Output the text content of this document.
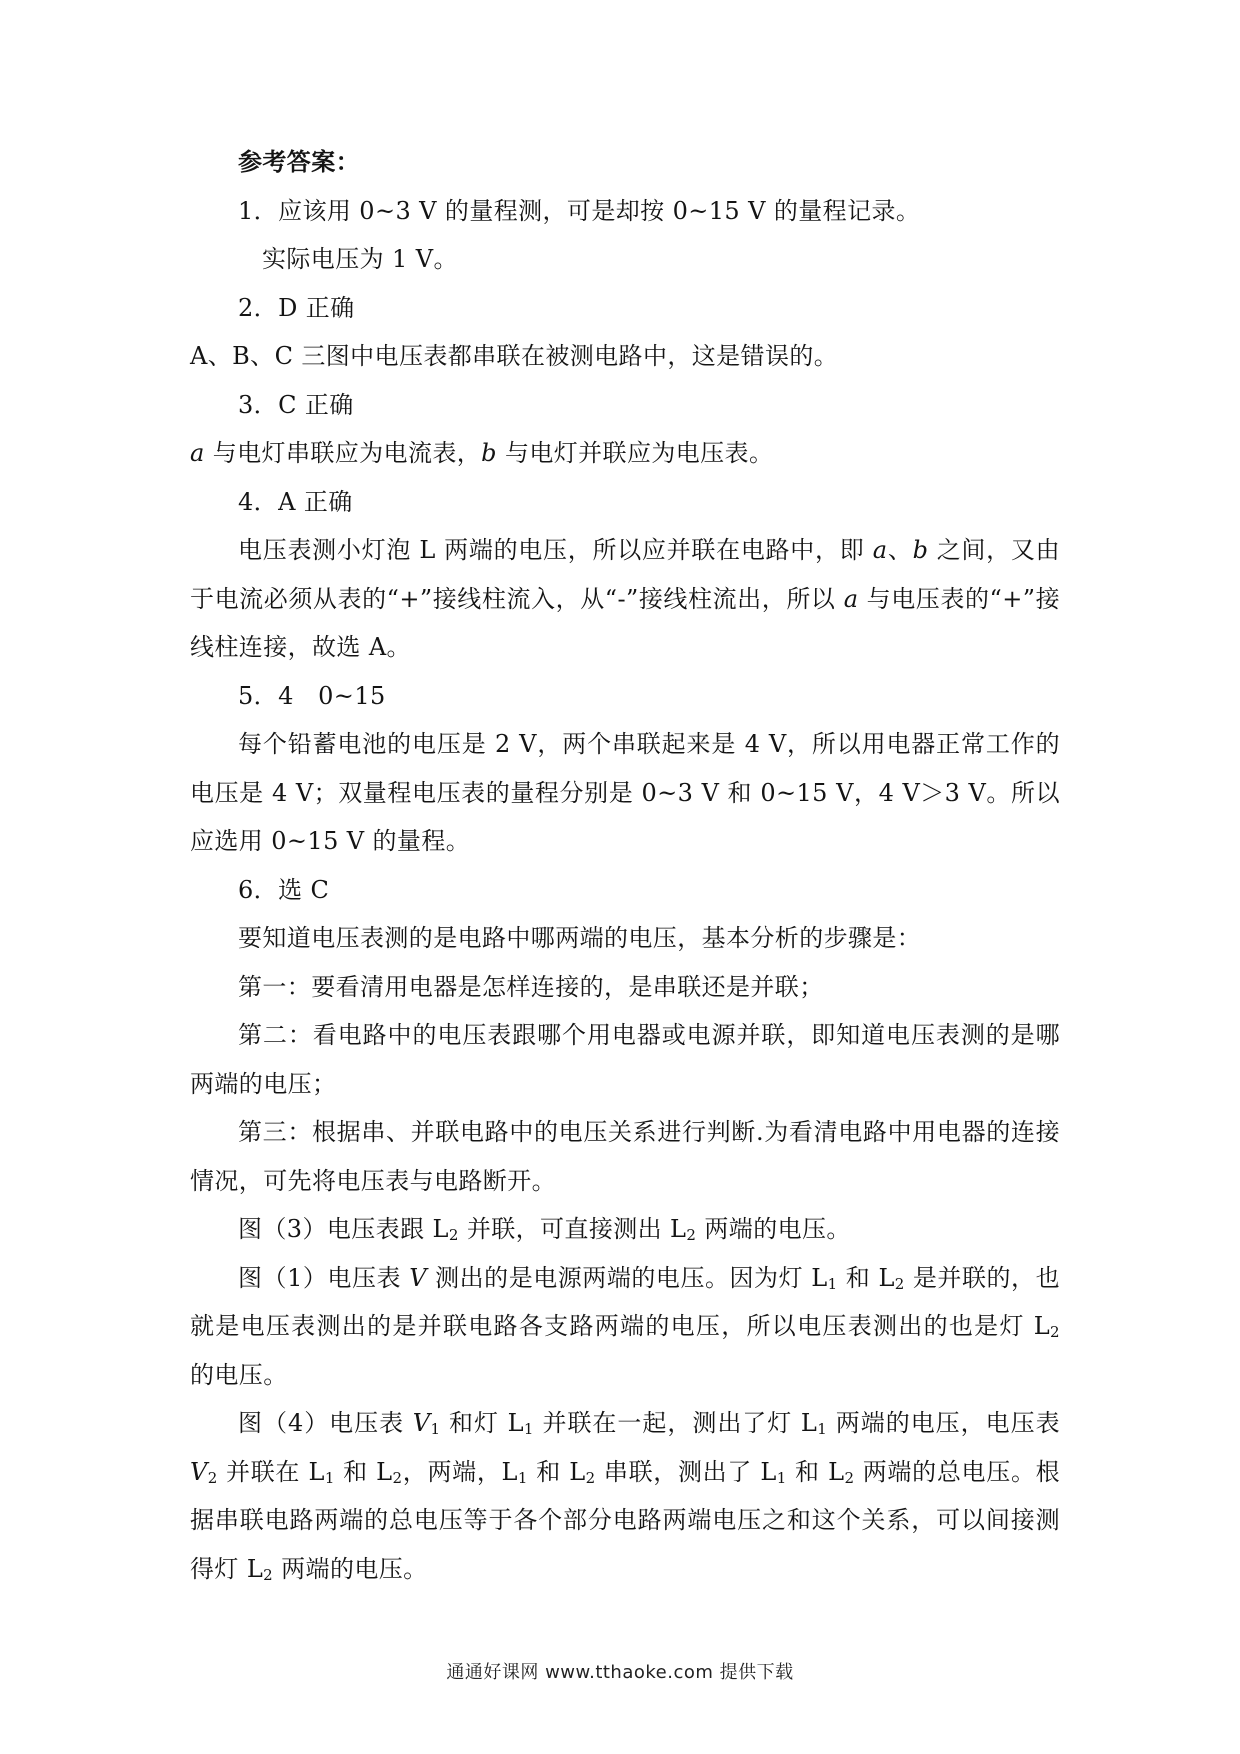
参考答案：

1．应该用 0~3 V 的量程测，可是却按 0~15 V 的量程记录。

实际电压为 1 V。

2．D 正确

A、B、C 三图中电压表都串联在被测电路中，这是错误的。

3．C 正确

a 与电灯串联应为电流表，b 与电灯并联应为电压表。

4．A 正确

电压表测小灯泡 L 两端的电压，所以应并联在电路中，即 a、b 之间，又由于电流必须从表的“+”接线柱流入，从“-”接线柱流出，所以 a 与电压表的“+”接线柱连接，故选 A。

5．4　0~15

每个铅蓄电池的电压是 2 V，两个串联起来是 4 V，所以用电器正常工作的电压是 4 V；双量程电压表的量程分别是 0~3 V 和 0~15 V，4 V＞3 V。所以应选用 0~15 V 的量程。

6．选 C

要知道电压表测的是电路中哪两端的电压，基本分析的步骤是：

第一：要看清用电器是怎样连接的，是串联还是并联；

第二：看电路中的电压表跟哪个用电器或电源并联，即知道电压表测的是哪两端的电压；

第三：根据串、并联电路中的电压关系进行判断.为看清电路中用电器的连接情况，可先将电压表与电路断开。

图（3）电压表跟 $L_2$ 并联，可直接测出 $L_2$ 两端的电压。

图（1）电压表 V 测出的是电源两端的电压。因为灯 $L_1$ 和 $L_2$ 是并联的，也就是电压表测出的是并联电路各支路两端的电压，所以电压表测出的也是灯 $L_2$ 的电压。

图（4）电压表 $V_1$ 和灯 $L_1$ 并联在一起，测出了灯 $L_1$ 两端的电压，电压表 $V_2$ 并联在 $L_1$ 和 $L_2$，两端，$L_1$ 和 $L_2$ 串联，测出了 $L_1$ 和 $L_2$ 两端的总电压。根据串联电路两端的总电压等于各个部分电路两端电压之和这个关系，可以间接测得灯 $L_2$ 两端的电压。

通通好课网 www.tthaoke.com 提供下载
